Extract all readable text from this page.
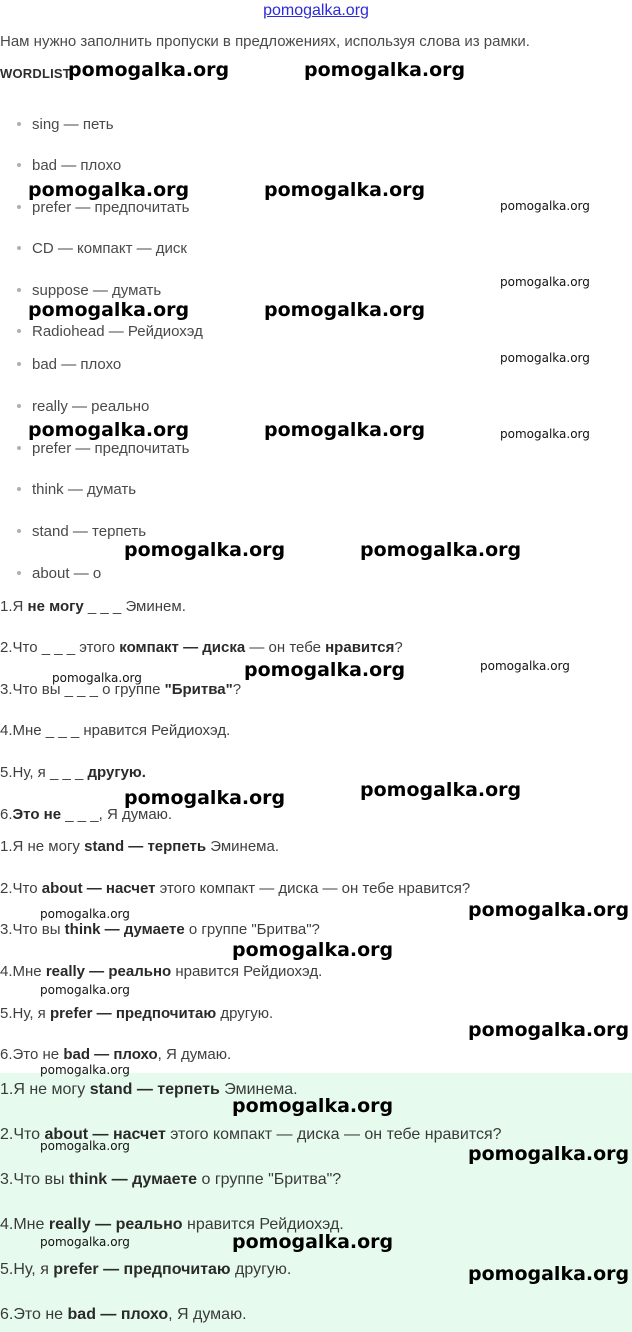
pomogalka.org
Нам нужно заполнить пропуски в предложениях, используя слова из рамки.
WORDLIST
sing — петь
bad — плохо
prefer — предпочитать
CD — компакт — диск
suppose — думать
Radiohead — Рейдиохэд
bad — плохо
really — реально
prefer — предпочитать
think — думать
stand — терпеть
about — о
1.Я не могу _ _ _ Эминем.
2.Что _ _ _ этого компакт — диска — он тебе нравится?
3.Что вы _ _ _ о группе "Бритва"?
4.Мне _ _ _ нравится Рейдиохэд.
5.Ну, я _ _ _ другую.
6.Это не _ _ _, Я думаю.
1.Я не могу stand — терпеть Эминема.
2.Что about — насчет этого компакт — диска — он тебе нравится?
3.Что вы think — думаете о группе "Бритва"?
4.Мне really — реально нравится Рейдиохэд.
5.Ну, я prefer — предпочитаю другую.
6.Это не bad — плохо, Я думаю.
1.Я не могу stand — терпеть Эминема.
2.Что about — насчет этого компакт — диска — он тебе нравится?
3.Что вы think — думаете о группе "Бритва"?
4.Мне really — реально нравится Рейдиохэд.
5.Ну, я prefer — предпочитаю другую.
6.Это не bad — плохо, Я думаю.
pomogalka.org	pomogalka.org
pomogalka.org	pomogalka.org
pomogalka.org
pomogalka.org
pomogalka.org	pomogalka.org
pomogalka.org
pomogalka.org	pomogalka.org	pomogalka.org
pomogalka.org	pomogalka.org
pomogalka.org	pomogalka.org
pomogalka.org
pomogalka.org
pomogalka.org
pomogalka.org
pomogalka.org
pomogalka.org
pomogalka.org
pomogalka.org
pomogalka.org
pomogalka.org
pomogalka.org	pomogalka.org
pomogalka.org	pomogalka.org
pomogalka.org
